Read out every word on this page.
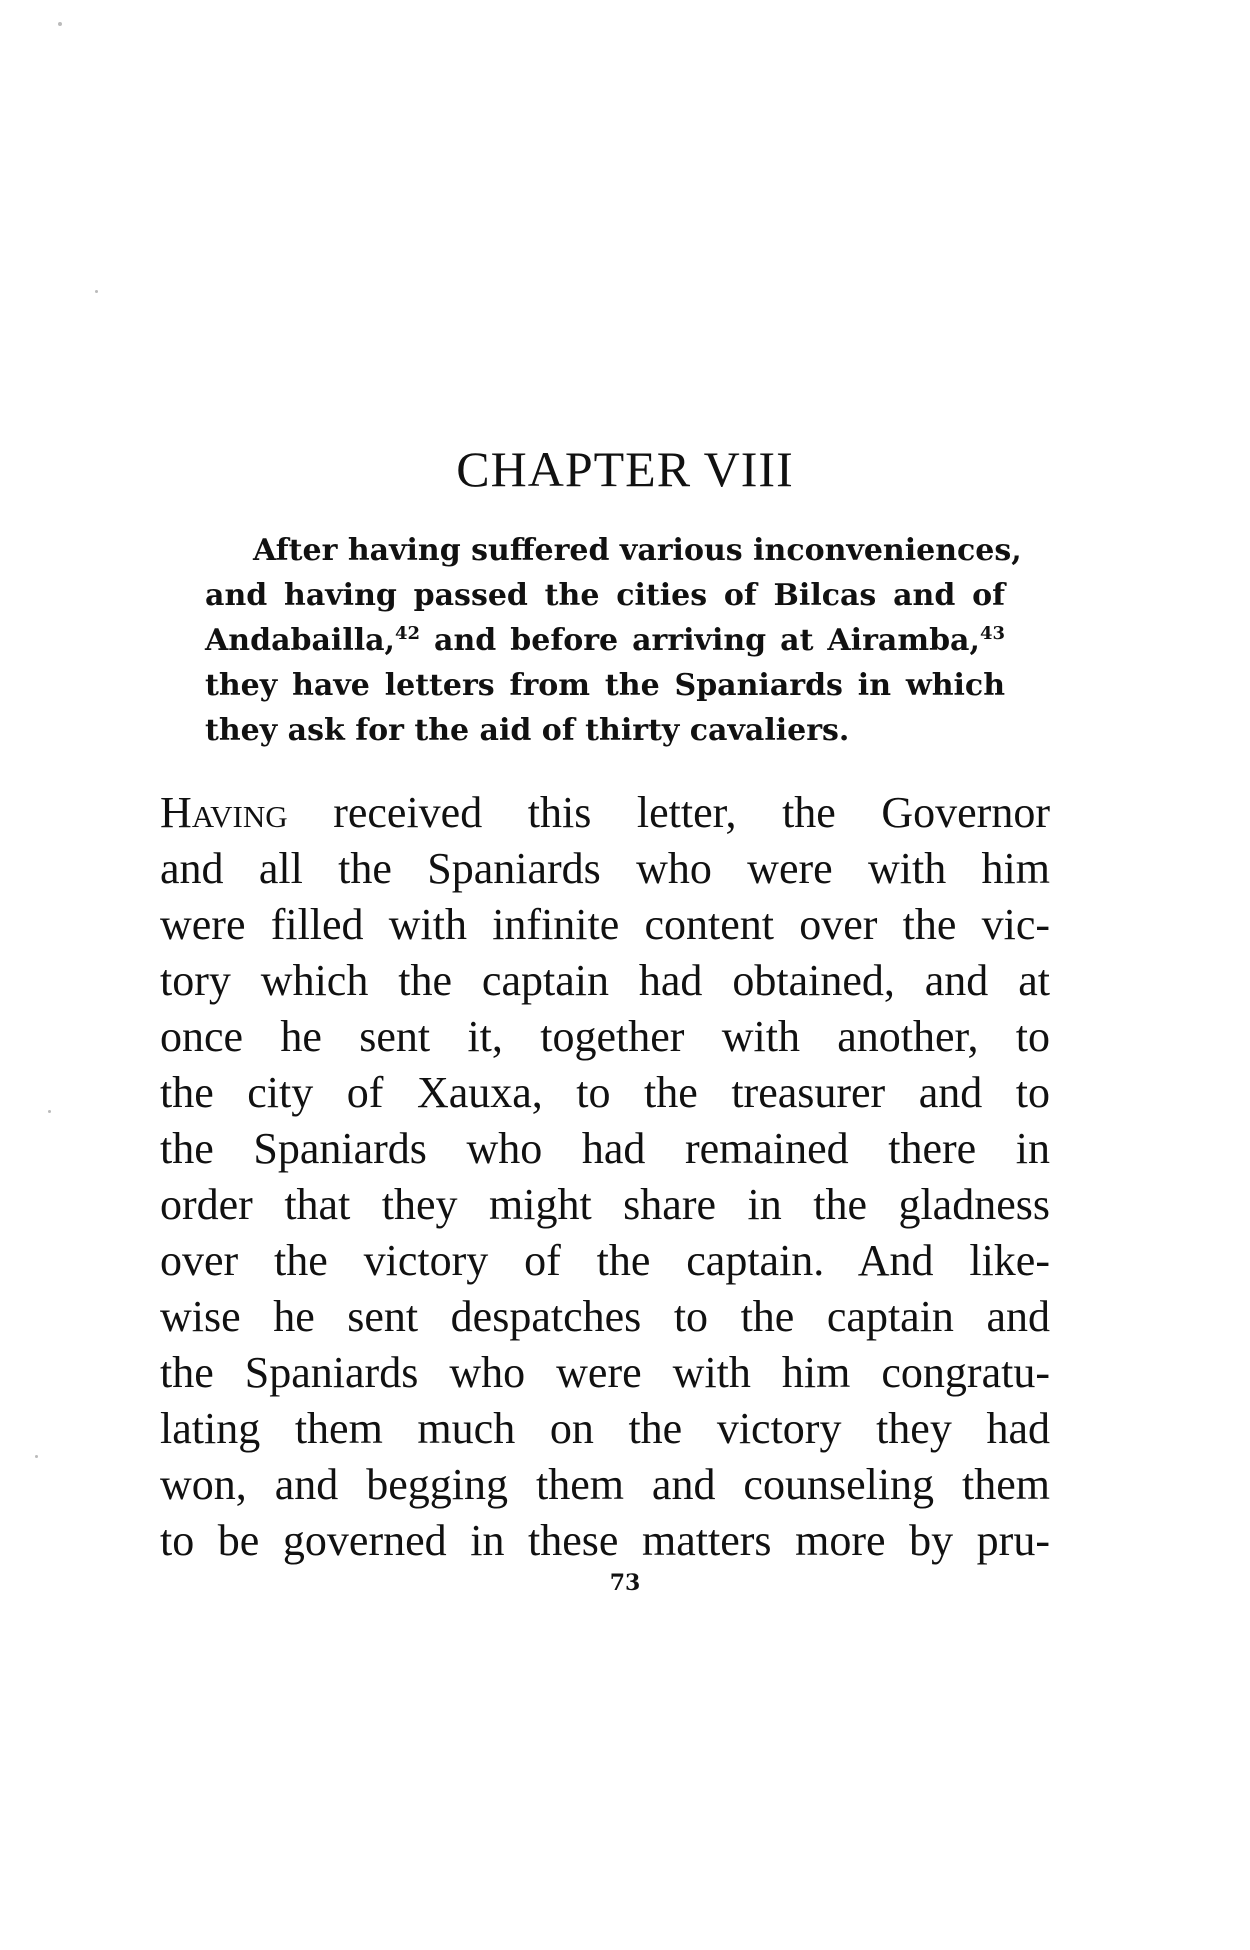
CHAPTER VIII
After having suffered various inconveniences,
and having passed the cities of Bilcas and of
Andabailla,$^{42}$ and before arriving at Airamba,$^{43}$
they have letters from the Spaniards in which
they ask for the aid of thirty cavaliers.
Having received this letter, the Governor
and all the Spaniards who were with him
were filled with infinite content over the vic-
tory which the captain had obtained, and at
once he sent it, together with another, to
the city of Xauxa, to the treasurer and to
the Spaniards who had remained there in
order that they might share in the gladness
over the victory of the captain. And like-
wise he sent despatches to the captain and
the Spaniards who were with him congratu-
lating them much on the victory they had
won, and begging them and counseling them
to be governed in these matters more by pru-
73
